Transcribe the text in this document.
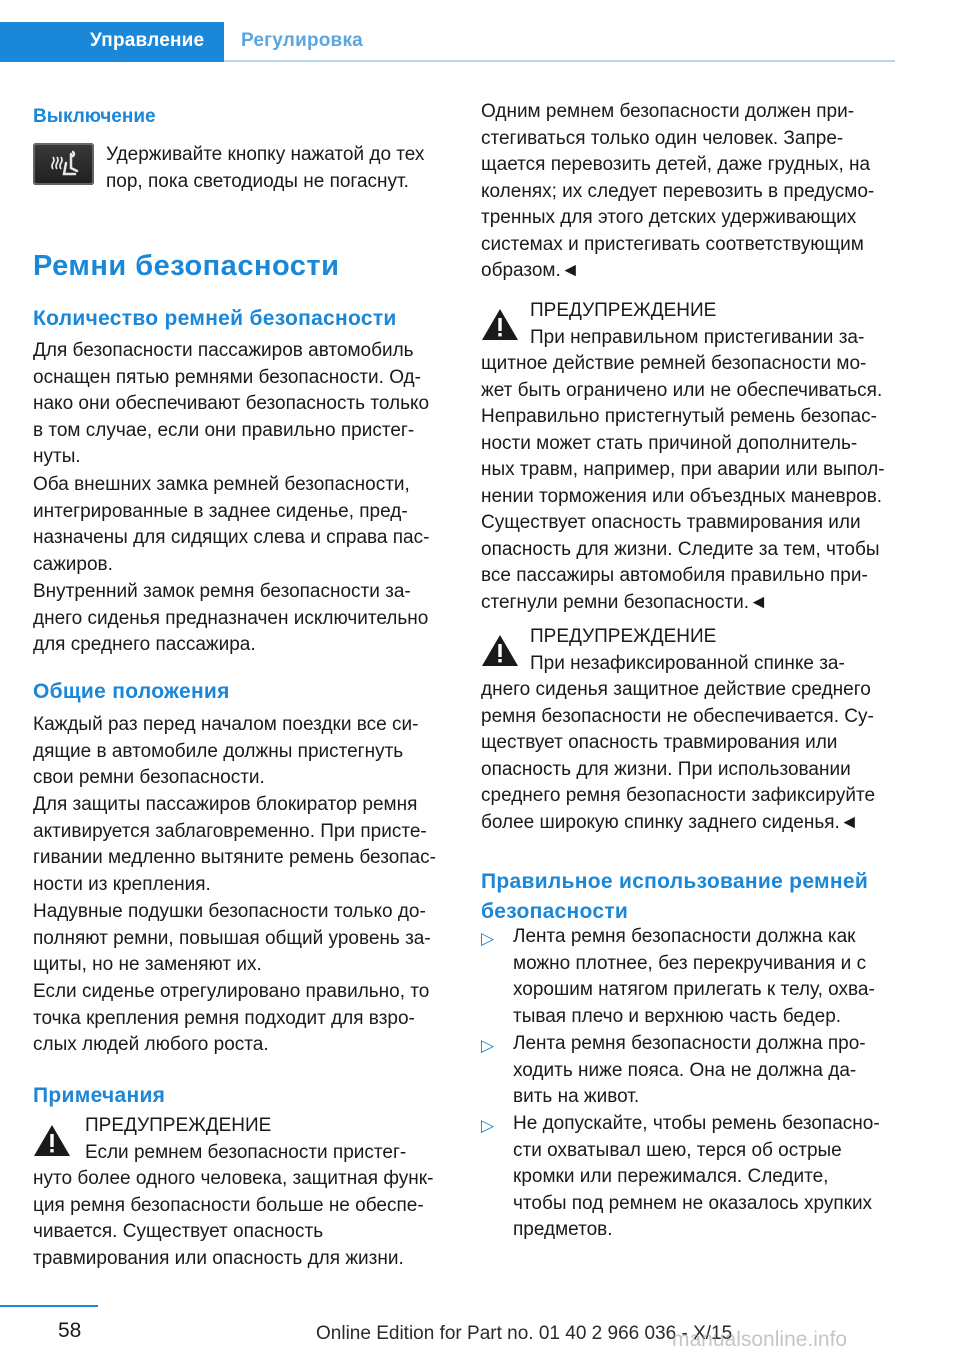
Управление Регулировка
Выключение
Удерживайте кнопку нажатой до тех
пор, пока светодиоды не погаснут.
Ремни безопасности
Количество ремней безопасности
Для безопасности пассажиров автомобиль
оснащен пятью ремнями безопасности. Од‐
нако они обеспечивают безопасность только
в том случае, если они правильно пристег‐
нуты.
Оба внешних замка ремней безопасности,
интегрированные в заднее сиденье, пред‐
назначены для сидящих слева и справа пас‐
сажиров.
Внутренний замок ремня безопасности за‐
днего сиденья предназначен исключительно
для среднего пассажира.
Общие положения
Каждый раз перед началом поездки все си‐
дящие в автомобиле должны пристегнуть
свои ремни безопасности.
Для защиты пассажиров блокиратор ремня
активируется заблаговременно. При присте‐
гивании медленно вытяните ремень безопас‐
ности из крепления.
Надувные подушки безопасности только до‐
полняют ремни, повышая общий уровень за‐
щиты, но не заменяют их.
Если сиденье отрегулировано правильно, то
точка крепления ремня подходит для взро‐
слых людей любого роста.
Примечания
ПРЕДУПРЕЖДЕНИЕ
Если ремнем безопасности пристег‐
нуто более одного человека, защитная функ‐
ция ремня безопасности больше не обеспе‐
чивается. Существует опасность
травмирования или опасность для жизни.
Одним ремнем безопасности должен при‐
стегиваться только один человек. Запре‐
щается перевозить детей, даже грудных, на
коленях; их следует перевозить в предусмо‐
тренных для этого детских удерживающих
системах и пристегивать соответствующим
образом.◄
ПРЕДУПРЕЖДЕНИЕ
При неправильном пристегивании за‐
щитное действие ремней безопасности мо‐
жет быть ограничено или не обеспечиваться.
Неправильно пристегнутый ремень безопас‐
ности может стать причиной дополнитель‐
ных травм, например, при аварии или выпол‐
нении торможения или объездных маневров.
Существует опасность травмирования или
опасность для жизни. Следите за тем, чтобы
все пассажиры автомобиля правильно при‐
стегнули ремни безопасности.◄
ПРЕДУПРЕЖДЕНИЕ
При незафиксированной спинке за‐
днего сиденья защитное действие среднего
ремня безопасности не обеспечивается. Су‐
ществует опасность травмирования или
опасность для жизни. При использовании
среднего ремня безопасности зафиксируйте
более широкую спинку заднего сиденья.◄
Правильное использование ремней
безопасности
▷ Лента ремня безопасности должна как
можно плотнее, без перекручивания и с
хорошим натягом прилегать к телу, охва‐
тывая плечо и верхнюю часть бедер.
▷ Лента ремня безопасности должна про‐
ходить ниже пояса. Она не должна да‐
вить на живот.
▷ Не допускайте, чтобы ремень безопасно‐
сти охватывал шею, терся об острые
кромки или пережимался. Следите,
чтобы под ремнем не оказалось хрупких
предметов.
58	Online Edition for Part no. 01 40 2 966 036 - X/15
manualsonline.info
